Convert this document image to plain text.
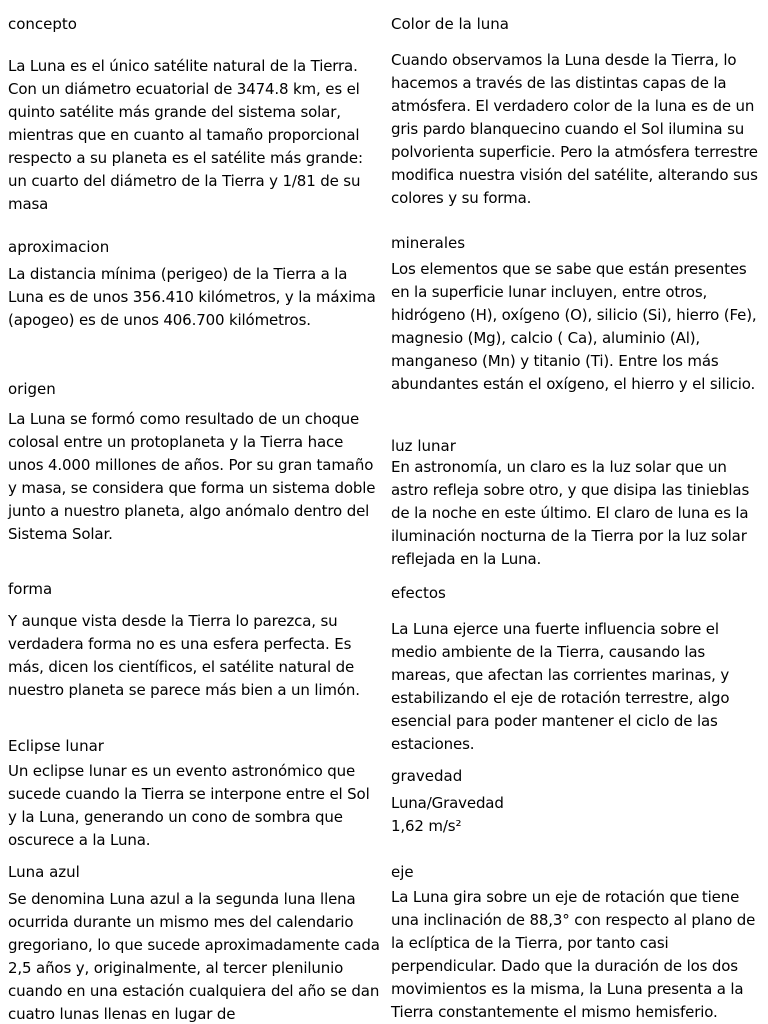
concepto

La Luna es el único satélite natural de la Tierra. Con un diámetro ecuatorial de 3474.8 km, es el quinto satélite más grande del sistema solar, mientras que en cuanto al tamaño proporcional respecto a su planeta es el satélite más grande: un cuarto del diámetro de la Tierra y 1/81 de su masa

aproximacion

La distancia mínima (perigeo) de la Tierra a la Luna es de unos 356.410 kilómetros, y la máxima (apogeo) es de unos 406.700 kilómetros.

origen

La Luna se formó como resultado de un choque colosal entre un protoplaneta y la Tierra hace unos 4.000 millones de años. Por su gran tamaño y masa, se considera que forma un sistema doble junto a nuestro planeta, algo anómalo dentro del Sistema Solar.

forma

Y aunque vista desde la Tierra lo parezca, su verdadera forma no es una esfera perfecta. Es más, dicen los científicos, el satélite natural de nuestro planeta se parece más bien a un limón.

Eclipse lunar

Un eclipse lunar es un evento astronómico que sucede cuando la Tierra se interpone entre el Sol y la Luna, generando un cono de sombra que oscurece a la Luna.

Luna azul

Se denomina Luna azul a la segunda luna llena ocurrida durante un mismo mes del calendario gregoriano, lo que sucede aproximadamente cada 2,5 años y, originalmente, al tercer plenilunio cuando en una estación cualquiera del año se dan cuatro lunas llenas en lugar de

Color de la luna

Cuando observamos la Luna desde la Tierra, lo hacemos a través de las distintas capas de la atmósfera. El verdadero color de la luna es de un gris pardo blanquecino cuando el Sol ilumina su polvorienta superficie. Pero la atmósfera terrestre modifica nuestra visión del satélite, alterando sus colores y su forma.

minerales

Los elementos que se sabe que están presentes en la superficie lunar incluyen, entre otros, hidrógeno (H), oxígeno (O), silicio (Si), hierro (Fe), magnesio (Mg), calcio ( Ca), aluminio (Al), manganeso (Mn) y titanio (Ti). Entre los más abundantes están el oxígeno, el hierro y el silicio.

luz lunar

En astronomía, un claro es la luz solar que un astro refleja sobre otro, y que disipa las tinieblas de la noche en este último. El claro de luna es la iluminación nocturna de la Tierra por la luz solar reflejada en la Luna.

efectos

La Luna ejerce una fuerte influencia sobre el medio ambiente de la Tierra, causando las mareas, que afectan las corrientes marinas, y estabilizando el eje de rotación terrestre, algo esencial para poder mantener el ciclo de las estaciones.

gravedad

Luna/Gravedad

1,62 m/s²

eje

La Luna gira sobre un eje de rotación que tiene una inclinación de 88,3° con respecto al plano de la eclíptica de la Tierra, por tanto casi perpendicular. Dado que la duración de los dos movimientos es la misma, la Luna presenta a la Tierra constantemente el mismo hemisferio.
